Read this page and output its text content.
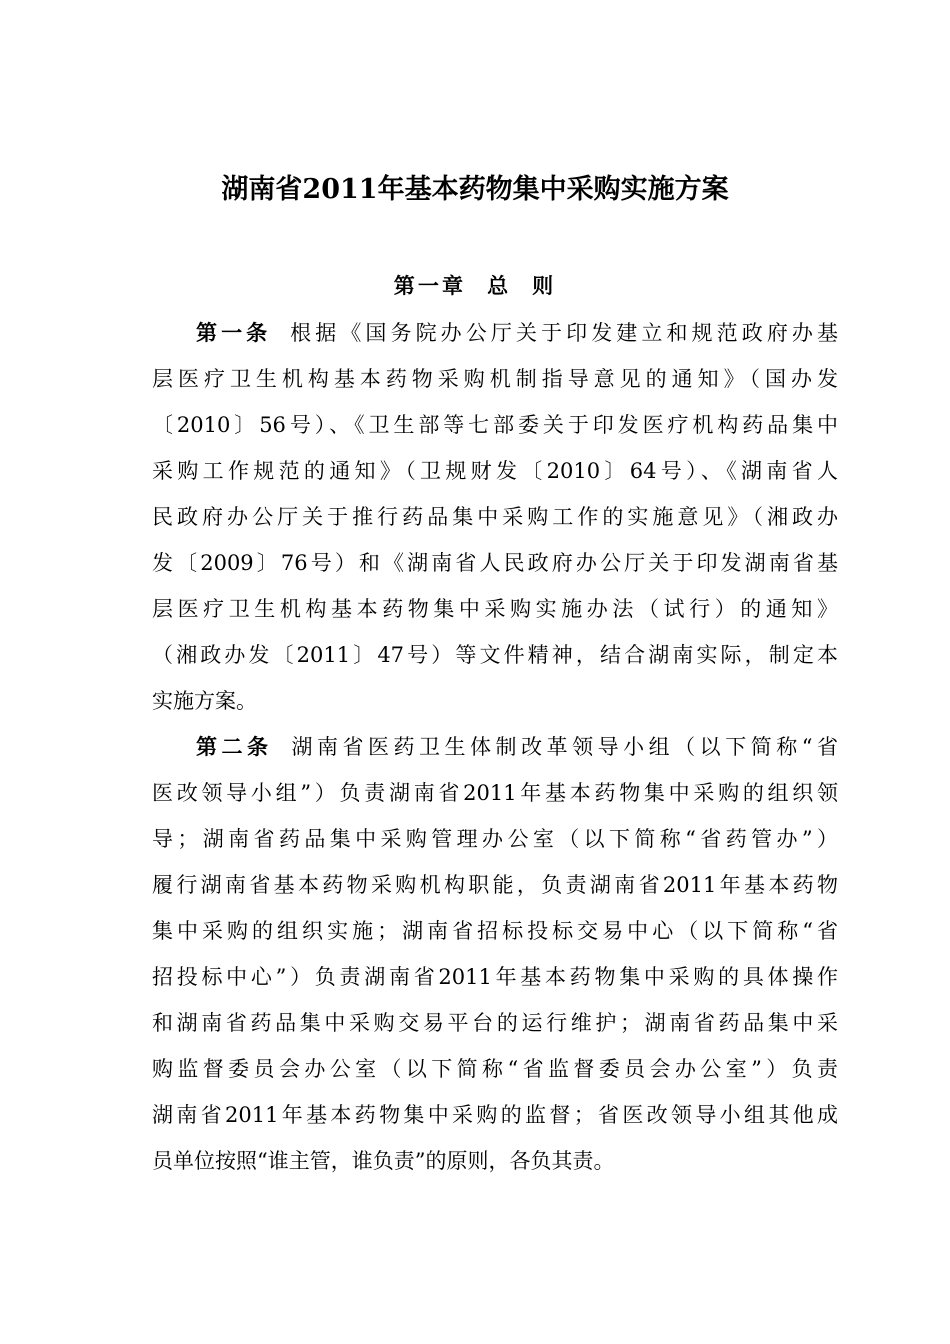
湖南省2011年基本药物集中采购实施方案
第一章  总  则
第一条 根据《国务院办公厅关于印发建立和规范政府办基
层医疗卫生机构基本药物采购机制指导意见的通知》（国办发
〔2010〕56号）、《卫生部等七部委关于印发医疗机构药品集中
采购工作规范的通知》（卫规财发〔2010〕64号）、《湖南省人
民政府办公厅关于推行药品集中采购工作的实施意见》（湘政办
发〔2009〕76号）和《湖南省人民政府办公厅关于印发湖南省基
层医疗卫生机构基本药物集中采购实施办法（试行）的通知》
（湘政办发〔2011〕47号）等文件精神，结合湖南实际，制定本
实施方案。
第二条 湖南省医药卫生体制改革领导小组（以下简称“省
医改领导小组”）负责湖南省2011年基本药物集中采购的组织领
导；湖南省药品集中采购管理办公室（以下简称“省药管办”）
履行湖南省基本药物采购机构职能，负责湖南省2011年基本药物
集中采购的组织实施；湖南省招标投标交易中心（以下简称“省
招投标中心”）负责湖南省2011年基本药物集中采购的具体操作
和湖南省药品集中采购交易平台的运行维护；湖南省药品集中采
购监督委员会办公室（以下简称“省监督委员会办公室”）负责
湖南省2011年基本药物集中采购的监督；省医改领导小组其他成
员单位按照“谁主管，谁负责”的原则，各负其责。
